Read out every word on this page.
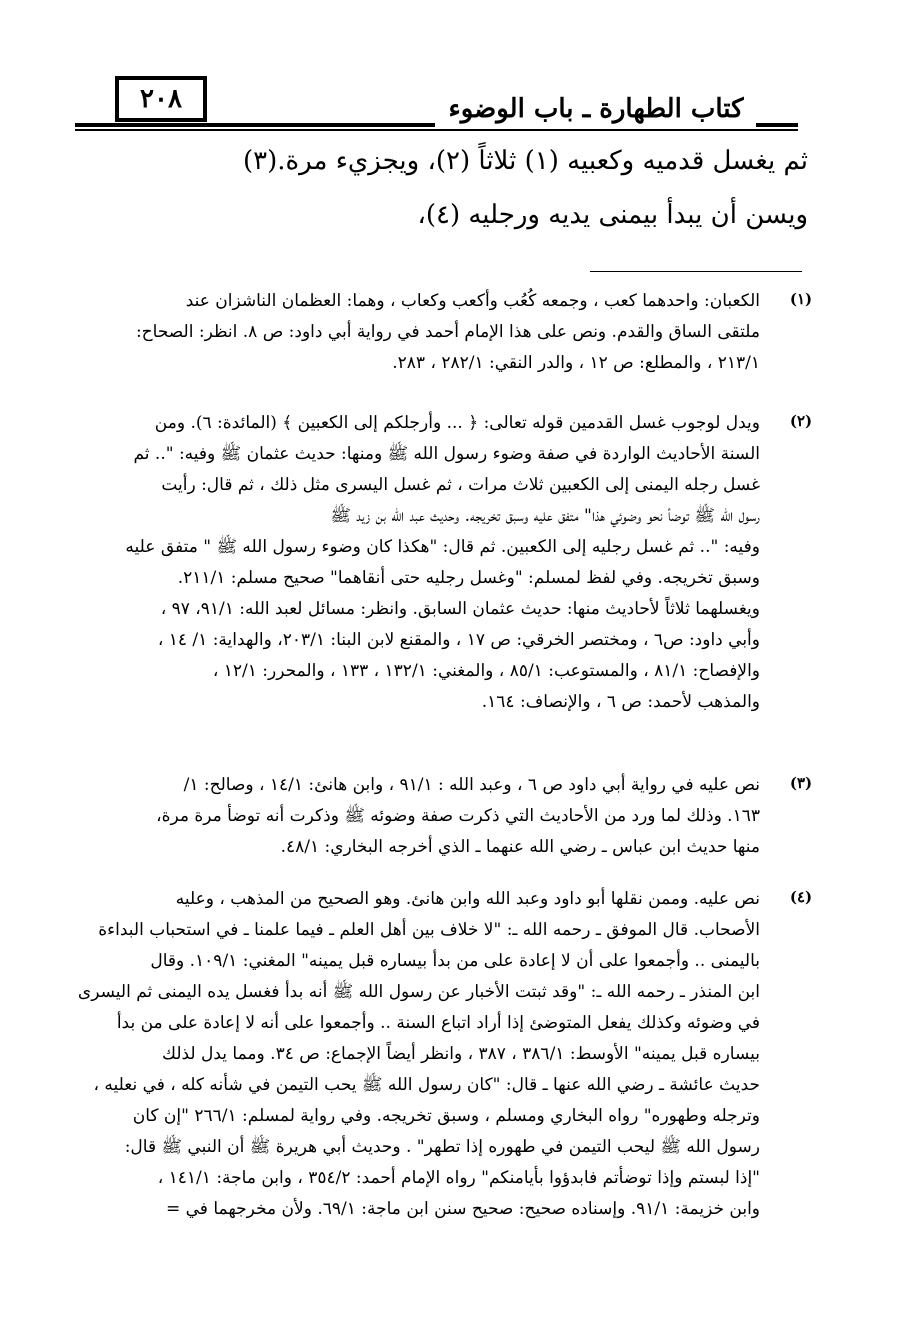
٢٠٨	كتاب الطهارة ـ باب الوضوء
ثم يغسل قدميه وكعبيه (١) ثلاثاً (٢)، ويجزيء مرة.(٣)
ويسن أن يبدأ بيمنى يديه ورجليه (٤)،
(١)
الكعبان: واحدهما كعب ، وجمعه كُعُب وأكعب وكعاب ، وهما: العظمان الناشزان عند
ملتقى الساق والقدم. ونص على هذا الإمام أحمد في رواية أبي داود: ص ٨. انظر: الصحاح:
٢١٣/١ ، والمطلع: ص ١٢ ، والدر النقي: ٢٨٢/١ ، ٢٨٣.
(٢)
ويدل لوجوب غسل القدمين قوله تعالى: ﴿ ... وأرجلكم إلى الكعبين ﴾ (المائدة: ٦). ومن
السنة الأحاديث الواردة في صفة وضوء رسول الله ﷺ ومنها: حديث عثمان ﷺ وفيه: ".. ثم
غسل رجله اليمنى إلى الكعبين ثلاث مرات ، ثم غسل اليسرى مثل ذلك ، ثم قال: رأيت
رسول الله ﷺ توضأ نحو وضوئي هذا" متفق عليه وسبق تخريجه. وحديث عبد الله بن زيد ﷺ
وفيه: ".. ثم غسل رجليه إلى الكعبين. ثم قال: "هكذا كان وضوء رسول الله ﷺ " متفق عليه
وسبق تخريجه. وفي لفظ لمسلم: "وغسل رجليه حتى أنقاهما" صحيح مسلم: ٢١١/١.
ويغسلهما ثلاثاً لأحاديث منها: حديث عثمان السابق. وانظر: مسائل لعبد الله: ٩١/١، ٩٧ ،
وأبي داود: ص٦ ، ومختصر الخرقي: ص ١٧ ، والمقنع لابن البنا: ٢٠٣/١، والهداية: ١/ ١٤ ،
والإفصاح: ٨١/١ ، والمستوعب: ٨٥/١ ، والمغني: ١٣٢/١ ، ١٣٣ ، والمحرر: ١٢/١ ،
والمذهب لأحمد: ص ٦ ، والإنصاف: ١٦٤.
(٣)
نص عليه في رواية أبي داود ص ٦ ، وعبد الله : ٩١/١ ، وابن هانئ: ١٤/١ ، وصالح: ١/
١٦٣. وذلك لما ورد من الأحاديث التي ذكرت صفة وضوئه ﷺ وذكرت أنه توضأ مرة مرة،
منها حديث ابن عباس ـ رضي الله عنهما ـ الذي أخرجه البخاري: ٤٨/١.
(٤)
نص عليه. وممن نقلها أبو داود وعبد الله وابن هانئ. وهو الصحيح من المذهب ، وعليه
الأصحاب. قال الموفق ـ رحمه الله ـ: "لا خلاف بين أهل العلم ـ فيما علمنا ـ في استحباب البداءة
باليمنى .. وأجمعوا على أن لا إعادة على من بدأ بيساره قبل يمينه" المغني: ١٠٩/١. وقال
ابن المنذر ـ رحمه الله ـ: "وقد ثبتت الأخبار عن رسول الله ﷺ أنه بدأ فغسل يده اليمنى ثم اليسرى
في وضوئه وكذلك يفعل المتوضئ إذا أراد اتباع السنة .. وأجمعوا على أنه لا إعادة على من بدأ
بيساره قبل يمينه" الأوسط: ٣٨٦/١ ، ٣٨٧ ، وانظر أيضاً الإجماع: ص ٣٤. ومما يدل لذلك
حديث عائشة ـ رضي الله عنها ـ قال: "كان رسول الله ﷺ يحب التيمن في شأنه كله ، في نعليه ،
وترجله وطهوره" رواه البخاري ومسلم ، وسبق تخريجه. وفي رواية لمسلم: ٢٦٦/١ "إن كان
رسول الله ﷺ ليحب التيمن في طهوره إذا تطهر" . وحديث أبي هريرة ﷺ أن النبي ﷺ قال:
"إذا لبستم وإذا توضأتم فابدؤوا بأيامنكم" رواه الإمام أحمد: ٣٥٤/٢ ، وابن ماجة: ١٤١/١ ،
وابن خزيمة: ٩١/١. وإسناده صحيح: صحيح سنن ابن ماجة: ٦٩/١. ولأن مخرجهما في =
